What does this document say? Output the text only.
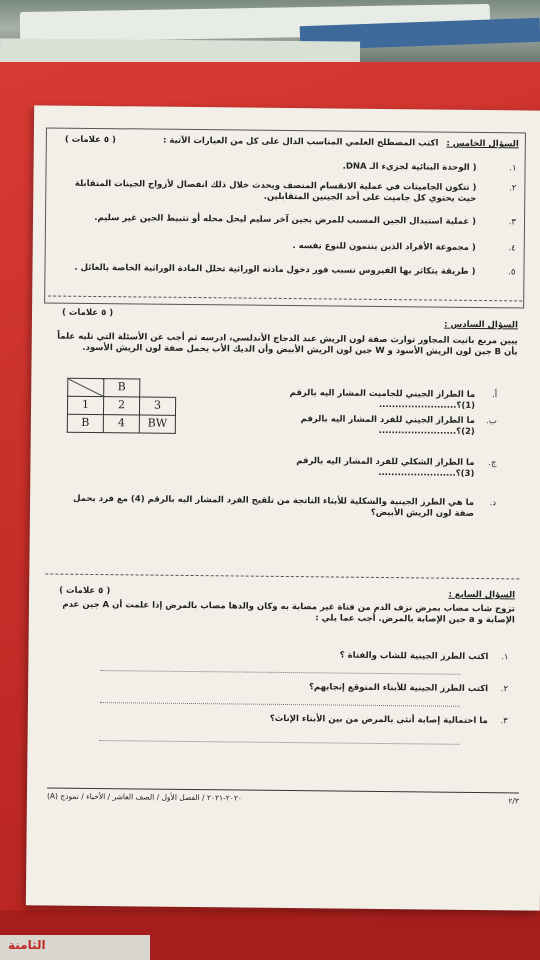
الثامنة
السؤال الخامس :
اكتب المصطلح العلمي المناسب الدال على كل من العبارات الآتية :
( ٥ علامات )
١.
( الوحدة البنائية لجزيء الـ DNA.
٢.
( تتكون الجاميتات في عملية الانقسام المنصف ويحدث خلال ذلك انفصال لأزواج الجينات المتقابلة حيث يحتوي كل جاميت على أحد الجينين المتقابلين.
٣.
( عملية استبدال الجين المسبب للمرض بجين آخر سليم ليحل محله أو تثبيط الجين غير سليم.
٤.
( مجموعة الأفراد الذين ينتمون للنوع نفسه .
٥.
( طريقة يتكاثر بها الفيروس تسبب فور دخول مادته الوراثية تحلل المادة الوراثية الخاصة بالعائل .
( ٥ علامات )
السؤال السادس :
يبين مربع باتيت المجاور توارث صفة لون الريش عند الدجاج الأندلسي، ادرسه ثم أجب عن الأسئلة التي تليه علماً بأن B جين لون الريش الأسود و W جين لون الريش الأبيض وأن الديك الأب يحمل صفة لون الريش الأسود.
أ.
ما الطراز الجيني للجاميت المشار اليه بالرقم (1)؟........................
ب.
ما الطراز الجيني للفرد المشار اليه بالرقم (2)؟........................
ج.
ما الطراز الشكلي للفرد المشار اليه بالرقم (3)؟........................
د.
ما هي الطرز الجينية والشكلية للأبناء الناتجة من تلقيح الفرد المشار اليه بالرقم (4) مع فرد يحمل صفة لون الريش الأبيض؟
	B	
1	2	3
B	4	BW
( ٥ علامات )	السؤال السابع :
تزوج شاب مصاب بمرض نزف الدم من فتاة غير مصابة به وكان والدها مصاب بالمرض إذا علمت أن A جين عدم الإصابة و a جين الإصابة بالمرض. أجب عما يلي :
١.
اكتب الطرز الجينية للشاب والفتاة ؟
٢.
اكتب الطرز الجينية للأبناء المتوقع إنجابهم؟
٣.
ما احتمالية إصابة أنثى بالمرض من بين الأبناء الإناث؟
٢/٣
٢٠٢٠-٢٠٢١ / الفصل الأول / الصف العاشر / الأحياء / نموذج (A)
